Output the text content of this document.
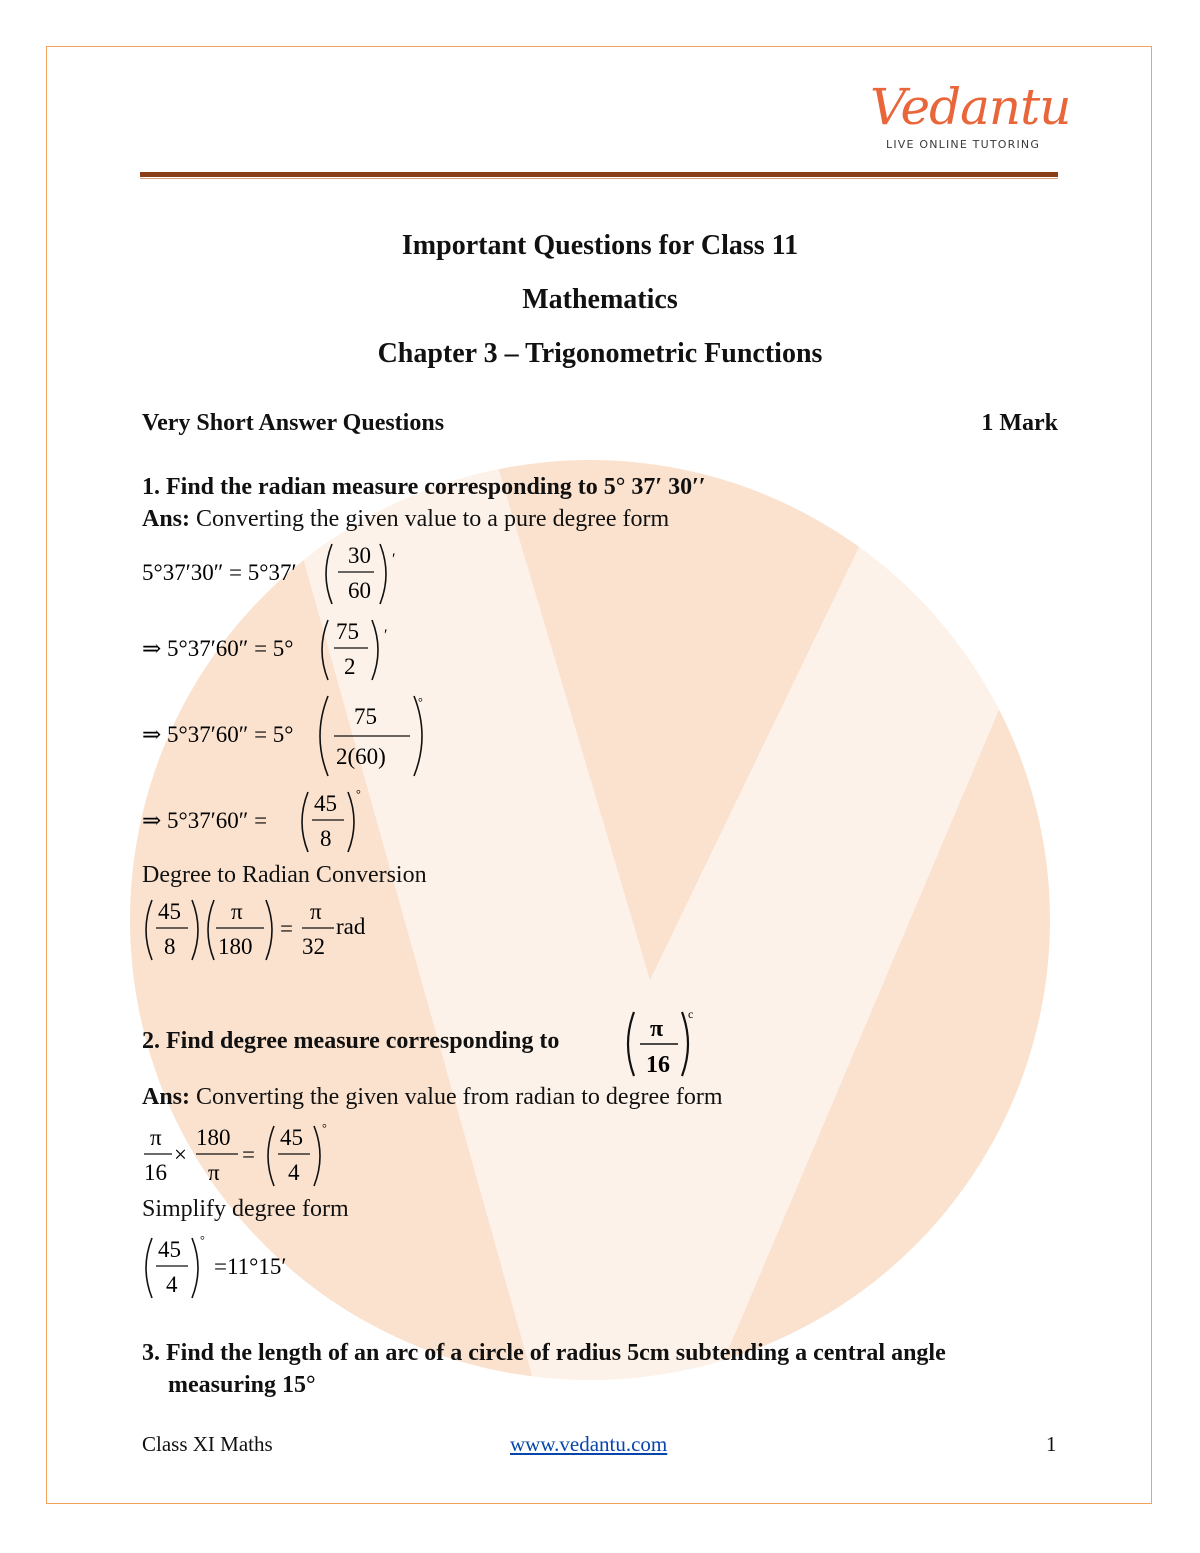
Vedantu
LIVE ONLINE TUTORING
Important Questions for Class 11
Mathematics
Chapter 3 – Trigonometric Functions
Very Short Answer Questions	1 Mark
1. Find the radian measure corresponding to 5° 37′ 30′′
Ans: Converting the given value to a pure degree form
5°37′30″ = 5°37′
30
60
′
⇒ 5°37′60″ = 5°
75
2
′
⇒ 5°37′60″ = 5°
75
2(60)
°
⇒ 5°37′60″ =
45
8
°
Degree to Radian Conversion
45
8
π
180
=
π
32
rad
2. Find degree measure corresponding to	π
16
c
Ans: Converting the given value from radian to degree form
π
16
×
180
π
=
45
4
°
Simplify degree form
45
4
°
=11°15′
3. Find the length of an arc of a circle of radius 5cm subtending a central angle
measuring 15°
Class XI Maths	www.vedantu.com	1
